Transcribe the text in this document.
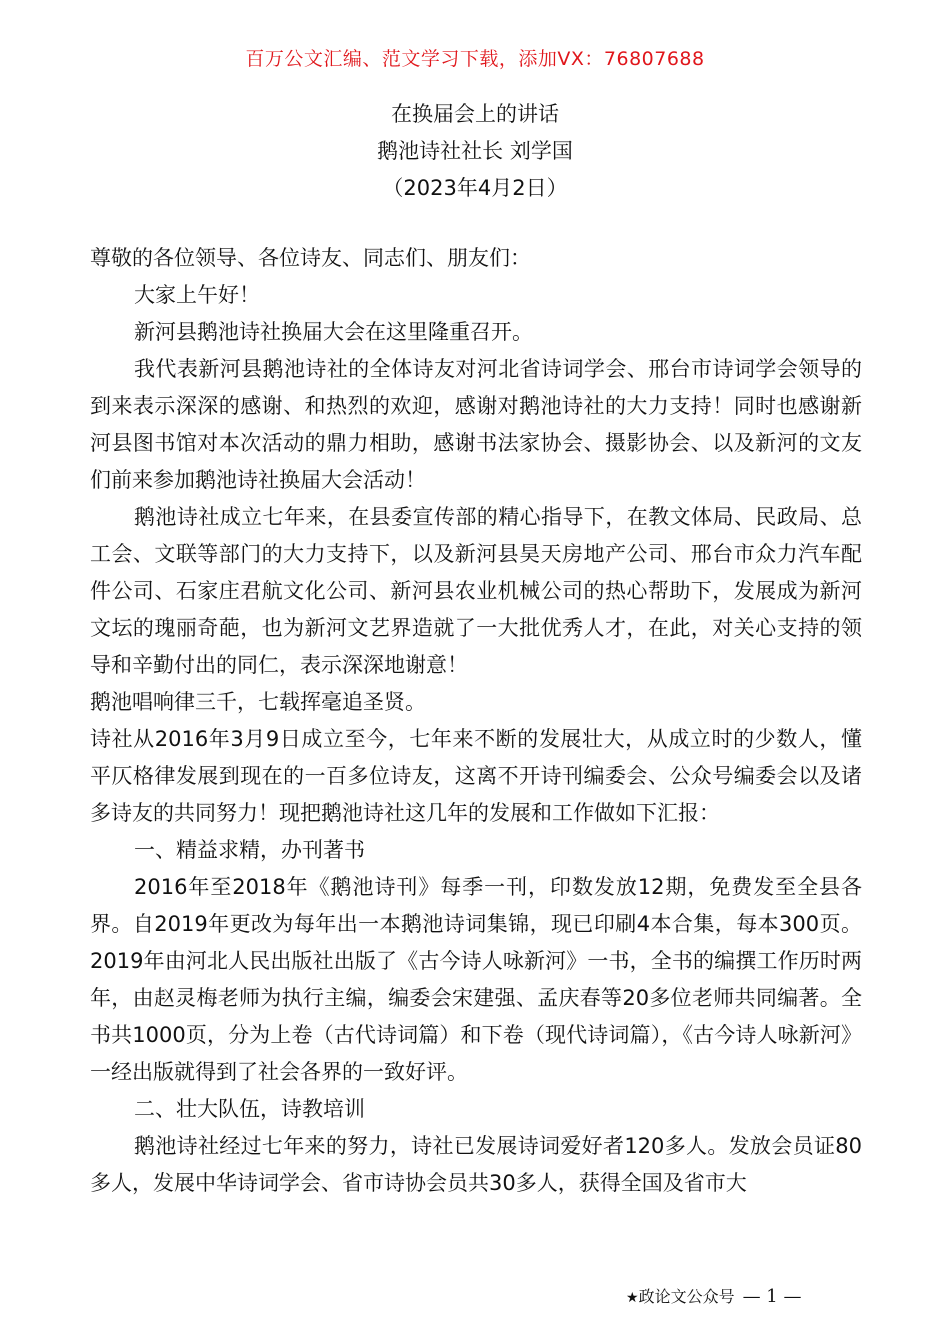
百万公文汇编、范文学习下载，添加VX：76807688
在换届会上的讲话
鹅池诗社社长 刘学国
（2023年4月2日）

尊敬的各位领导、各位诗友、同志们、朋友们：

大家上午好！

新河县鹅池诗社换届大会在这里隆重召开。

我代表新河县鹅池诗社的全体诗友对河北省诗词学会、邢台市诗词学会领导的到来表示深深的感谢、和热烈的欢迎，感谢对鹅池诗社的大力支持！同时也感谢新河县图书馆对本次活动的鼎力相助，感谢书法家协会、摄影协会、以及新河的文友们前来参加鹅池诗社换届大会活动！

鹅池诗社成立七年来，在县委宣传部的精心指导下，在教文体局、民政局、总工会、文联等部门的大力支持下，以及新河县昊天房地产公司、邢台市众力汽车配件公司、石家庄君航文化公司、新河县农业机械公司的热心帮助下，发展成为新河文坛的瑰丽奇葩，也为新河文艺界造就了一大批优秀人才，在此，对关心支持的领导和辛勤付出的同仁，表示深深地谢意！

鹅池唱响律三千，七载挥毫追圣贤。

诗社从2016年3月9日成立至今，七年来不断的发展壮大，从成立时的少数人，懂平仄格律发展到现在的一百多位诗友，这离不开诗刊编委会、公众号编委会以及诸多诗友的共同努力！现把鹅池诗社这几年的发展和工作做如下汇报：

一、精益求精，办刊著书

2016年至2018年《鹅池诗刊》每季一刊，印数发放12期，免费发至全县各界。自2019年更改为每年出一本鹅池诗词集锦，现已印刷4本合集，每本300页。2019年由河北人民出版社出版了《古今诗人咏新河》一书，全书的编撰工作历时两年，由赵灵梅老师为执行主编，编委会宋建强、孟庆春等20多位老师共同编著。全书共1000页，分为上卷（古代诗词篇）和下卷（现代诗词篇），《古今诗人咏新河》一经出版就得到了社会各界的一致好评。

二、壮大队伍，诗教培训

鹅池诗社经过七年来的努力，诗社已发展诗词爱好者120多人。发放会员证80多人，发展中华诗词学会、省市诗协会员共30多人，获得全国及省市大

★政论文公众号 — 1 —
